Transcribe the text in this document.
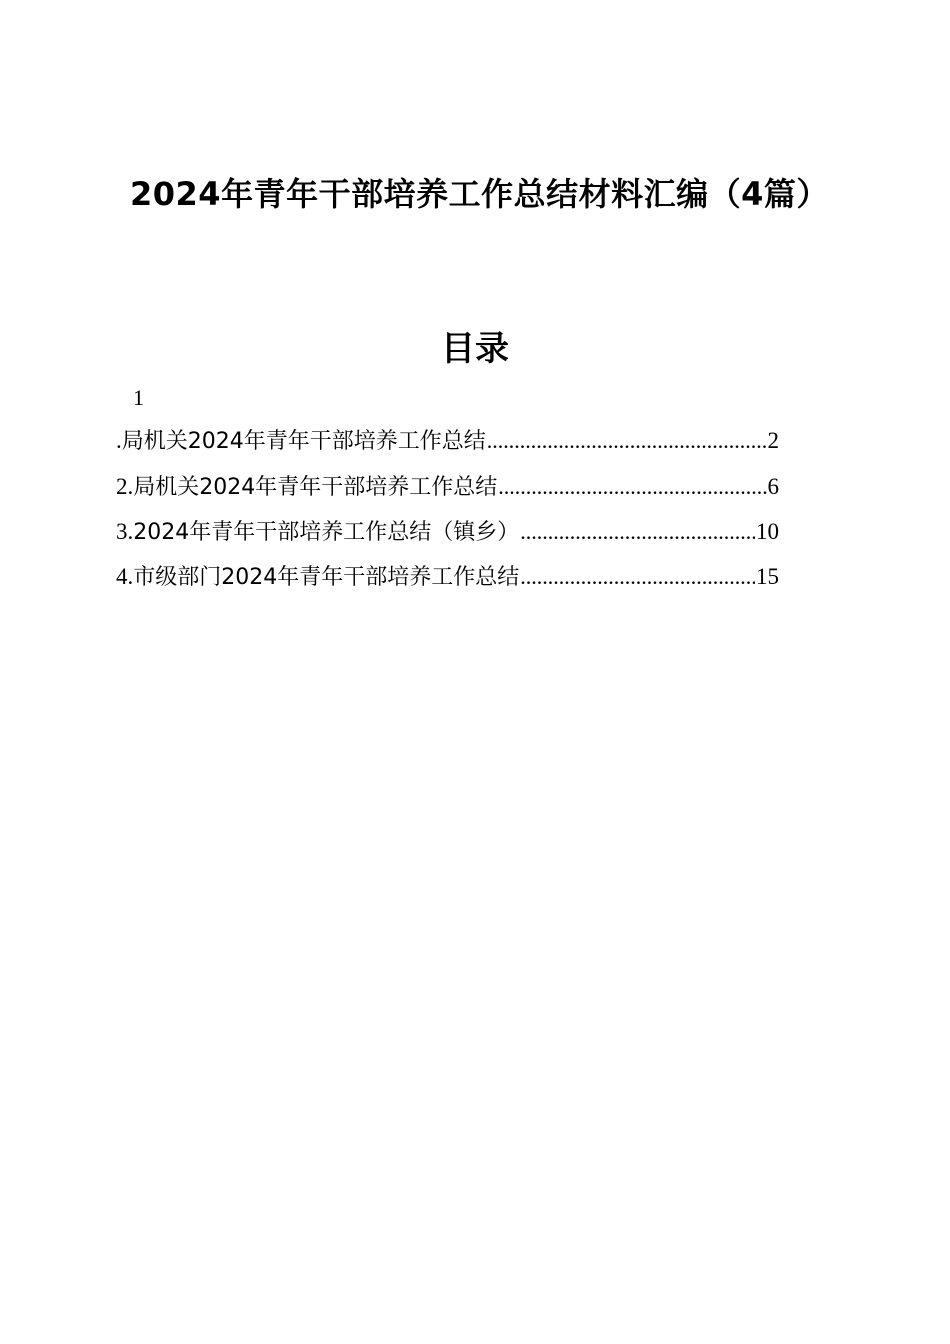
2024年青年干部培养工作总结材料汇编（4篇）
目录
1
. 局机关2024年青年干部培养工作总结 .....	2
2. 局机关2024年青年干部培养工作总结 .....	6
3. 2024年青年干部培养工作总结（镇乡） .....	10
4. 市级部门2024年青年干部培养工作总结 .....	15
